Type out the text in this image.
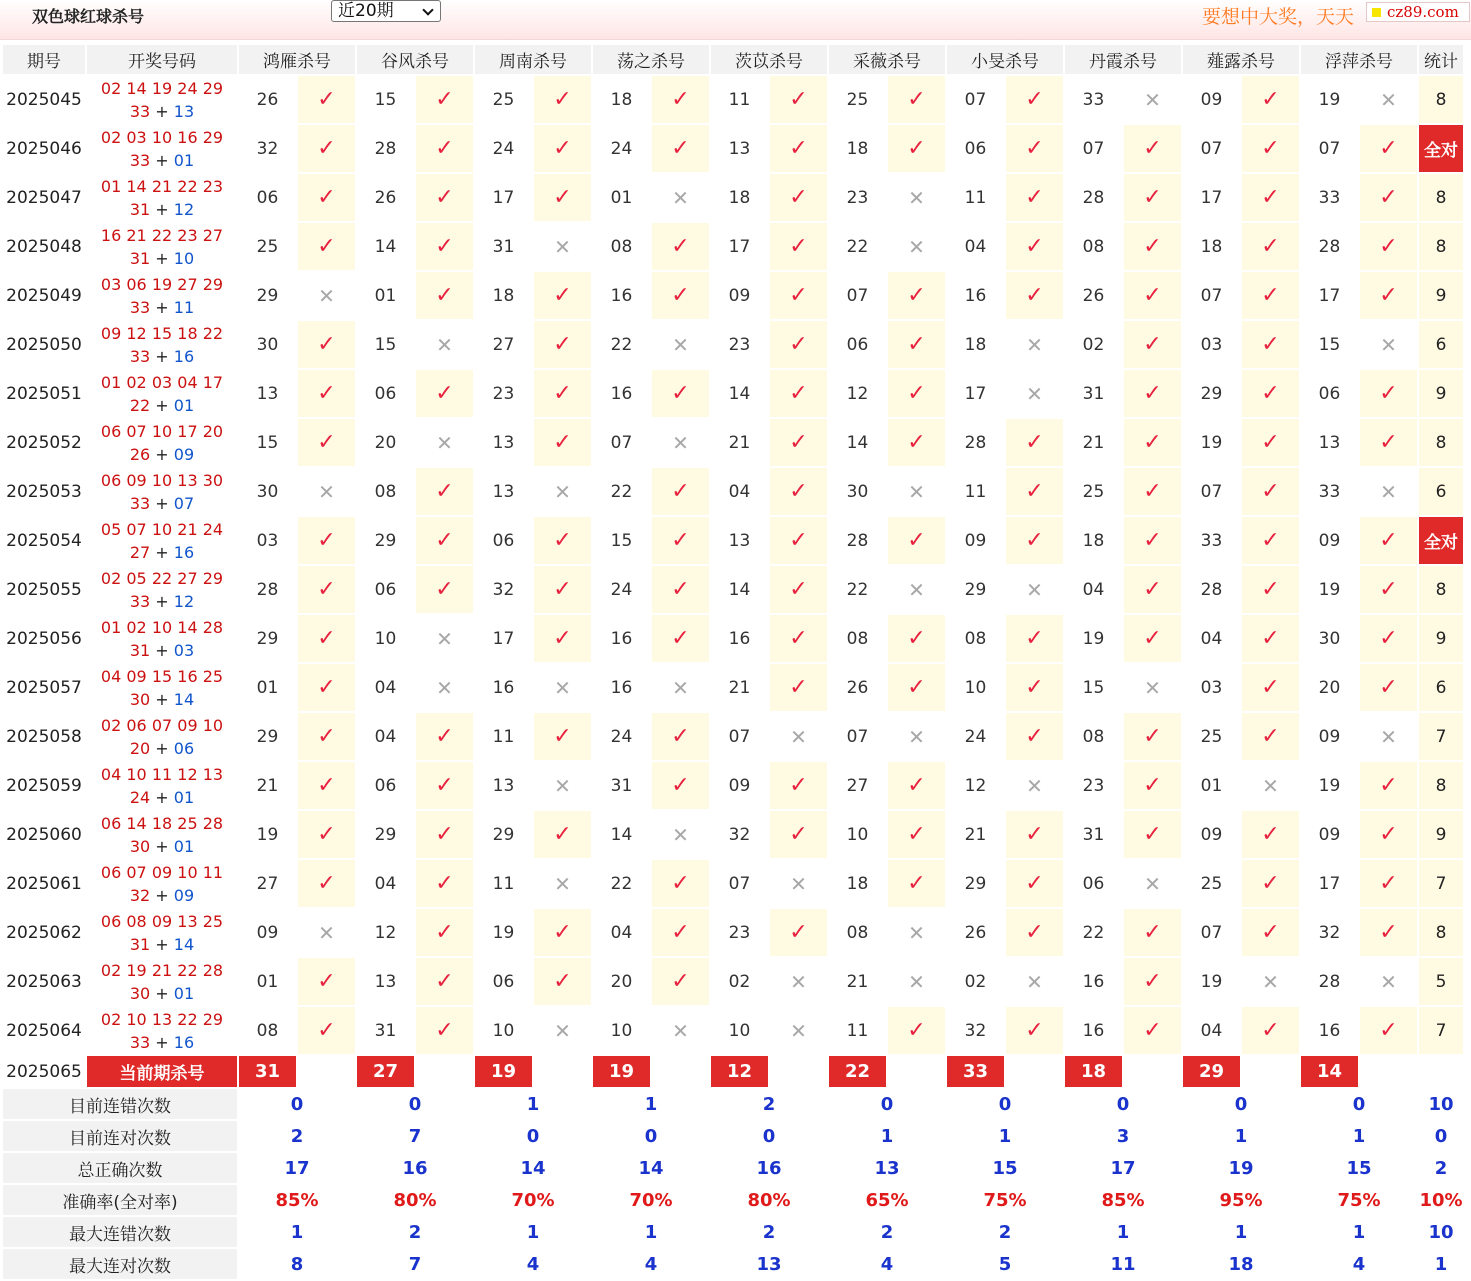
双色球红球杀号	近20期	要想中大奖，天天	cz89.com
期号	开奖号码	鸿雁杀号		谷风杀号		周南杀号		荡之杀号		茨苡杀号		采薇杀号		小旻杀号		丹霞杀号		薤露杀号		浮萍杀号		统计
2025045	02 14 19 24 29
33 + 13	26	✓	15	✓	25	✓	18	✓	11	✓	25	✓	07	✓	33	✕	09	✓	19	✕	8
2025046	02 03 10 16 29
33 + 01	32	✓	28	✓	24	✓	24	✓	13	✓	18	✓	06	✓	07	✓	07	✓	07	✓	全对
2025047	01 14 21 22 23
31 + 12	06	✓	26	✓	17	✓	01	✕	18	✓	23	✕	11	✓	28	✓	17	✓	33	✓	8
2025048	16 21 22 23 27
31 + 10	25	✓	14	✓	31	✕	08	✓	17	✓	22	✕	04	✓	08	✓	18	✓	28	✓	8
2025049	03 06 19 27 29
33 + 11	29	✕	01	✓	18	✓	16	✓	09	✓	07	✓	16	✓	26	✓	07	✓	17	✓	9
2025050	09 12 15 18 22
33 + 16	30	✓	15	✕	27	✓	22	✕	23	✓	06	✓	18	✕	02	✓	03	✓	15	✕	6
2025051	01 02 03 04 17
22 + 01	13	✓	06	✓	23	✓	16	✓	14	✓	12	✓	17	✕	31	✓	29	✓	06	✓	9
2025052	06 07 10 17 20
26 + 09	15	✓	20	✕	13	✓	07	✕	21	✓	14	✓	28	✓	21	✓	19	✓	13	✓	8
2025053	06 09 10 13 30
33 + 07	30	✕	08	✓	13	✕	22	✓	04	✓	30	✕	11	✓	25	✓	07	✓	33	✕	6
2025054	05 07 10 21 24
27 + 16	03	✓	29	✓	06	✓	15	✓	13	✓	28	✓	09	✓	18	✓	33	✓	09	✓	全对
2025055	02 05 22 27 29
33 + 12	28	✓	06	✓	32	✓	24	✓	14	✓	22	✕	29	✕	04	✓	28	✓	19	✓	8
2025056	01 02 10 14 28
31 + 03	29	✓	10	✕	17	✓	16	✓	16	✓	08	✓	08	✓	19	✓	04	✓	30	✓	9
2025057	04 09 15 16 25
30 + 14	01	✓	04	✕	16	✕	16	✕	21	✓	26	✓	10	✓	15	✕	03	✓	20	✓	6
2025058	02 06 07 09 10
20 + 06	29	✓	04	✓	11	✓	24	✓	07	✕	07	✕	24	✓	08	✓	25	✓	09	✕	7
2025059	04 10 11 12 13
24 + 01	21	✓	06	✓	13	✕	31	✓	09	✓	27	✓	12	✕	23	✓	01	✕	19	✓	8
2025060	06 14 18 25 28
30 + 01	19	✓	29	✓	29	✓	14	✕	32	✓	10	✓	21	✓	31	✓	09	✓	09	✓	9
2025061	06 07 09 10 11
32 + 09	27	✓	04	✓	11	✕	22	✓	07	✕	18	✓	29	✓	06	✕	25	✓	17	✓	7
2025062	06 08 09 13 25
31 + 14	09	✕	12	✓	19	✓	04	✓	23	✓	08	✕	26	✓	22	✓	07	✓	32	✓	8
2025063	02 19 21 22 28
30 + 01	01	✓	13	✓	06	✓	20	✓	02	✕	21	✕	02	✕	16	✓	19	✕	28	✕	5
2025064	02 10 13 22 29
33 + 16	08	✓	31	✓	10	✕	10	✕	10	✕	11	✓	32	✓	16	✓	04	✓	16	✓	7
2025065	当前期杀号	31		27		19		19		12		22		33		18		29		14		
目前连错次数		0		0		1		1		2		0		0		0		0		0		10
目前连对次数		2		7		0		0		0		1		1		3		1		1		0
总正确次数		17		16		14		14		16		13		15		17		19		15		2
准确率(全对率)		85%		80%		70%		70%		80%		65%		75%		85%		95%		75%		10%
最大连错次数		1		2		1		1		2		2		2		1		1		1		10
最大连对次数		8		7		4		4		13		4		5		11		18		4		1
